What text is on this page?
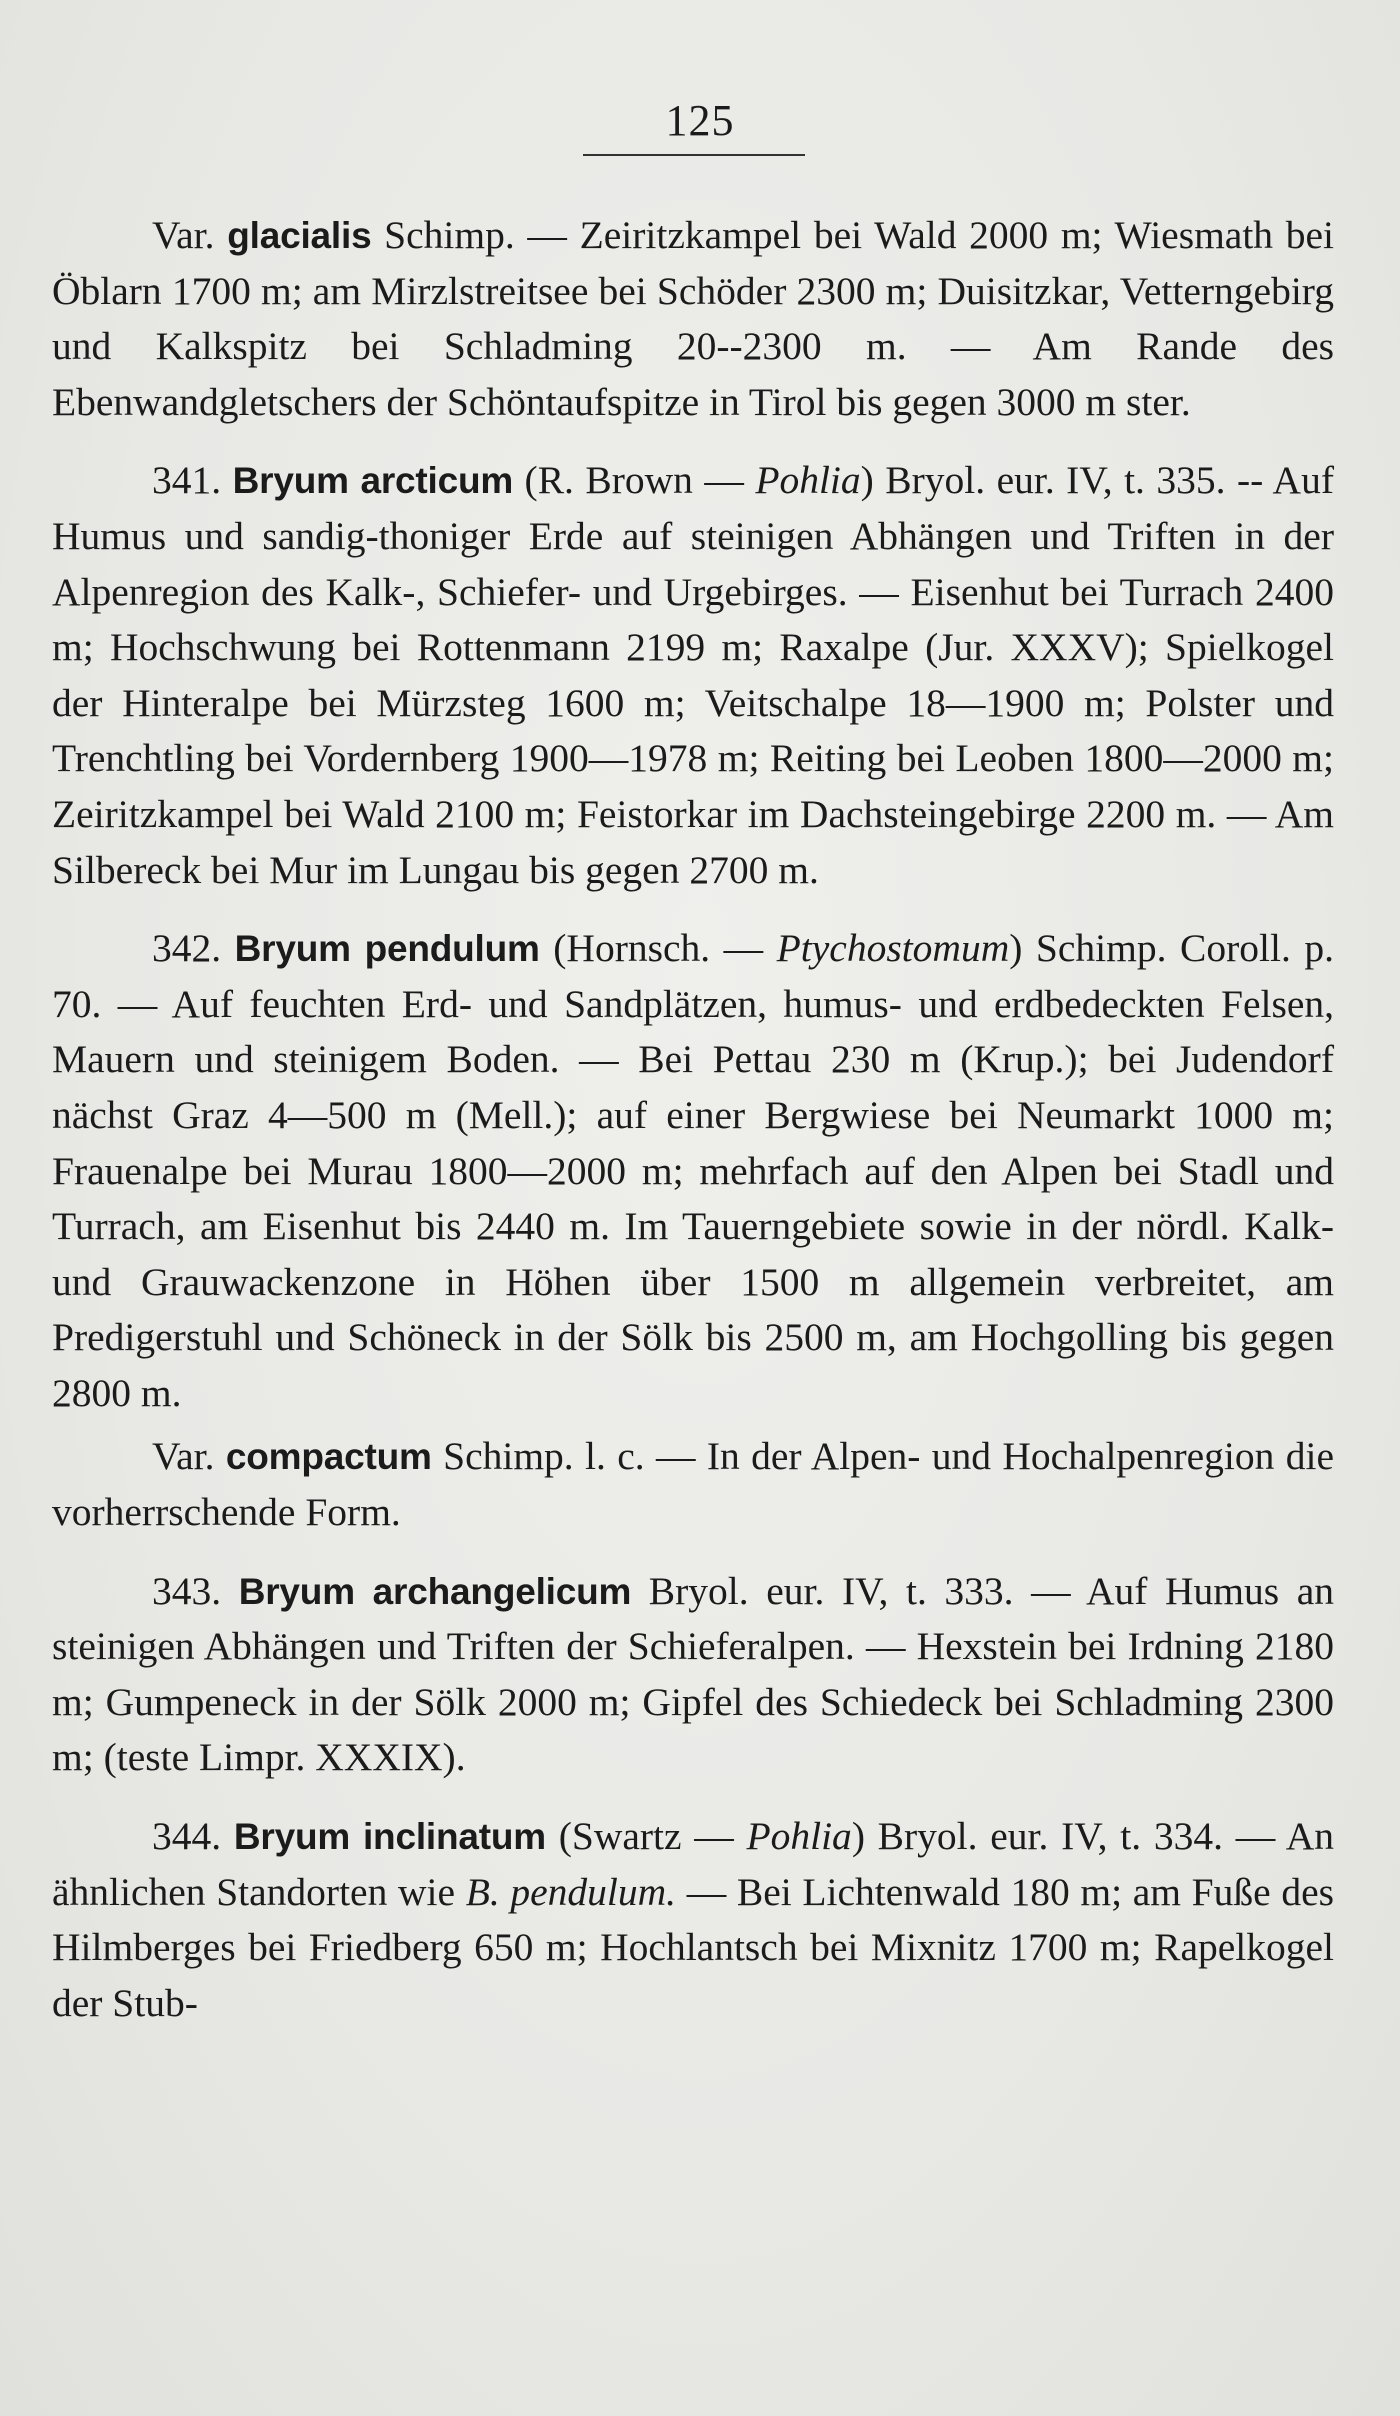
125

Var. glacialis Schimp. — Zeiritzkampel bei Wald 2000 m; Wiesmath bei Öblarn 1700 m; am Mirzlstreitsee bei Schöder 2300 m; Duisitzkar, Vetterngebirg und Kalkspitz bei Schladming 20--2300 m. — Am Rande des Ebenwandgletschers der Schöntaufspitze in Tirol bis gegen 3000 m ster.

341. Bryum arcticum (R. Brown — Pohlia) Bryol. eur. IV, t. 335. -- Auf Humus und sandig-thoniger Erde auf steinigen Abhängen und Triften in der Alpenregion des Kalk-, Schiefer- und Urgebirges. — Eisenhut bei Turrach 2400 m; Hochschwung bei Rottenmann 2199 m; Raxalpe (Jur. XXXV); Spielkogel der Hinteralpe bei Mürzsteg 1600 m; Veitschalpe 18—1900 m; Polster und Trenchtling bei Vordernberg 1900—1978 m; Reiting bei Leoben 1800—2000 m; Zeiritzkampel bei Wald 2100 m; Feistorkar im Dachsteingebirge 2200 m. — Am Silbereck bei Mur im Lungau bis gegen 2700 m.

342. Bryum pendulum (Hornsch. — Ptychostomum) Schimp. Coroll. p. 70. — Auf feuchten Erd- und Sandplätzen, humus- und erdbedeckten Felsen, Mauern und steinigem Boden. — Bei Pettau 230 m (Krup.); bei Judendorf nächst Graz 4—500 m (Mell.); auf einer Bergwiese bei Neumarkt 1000 m; Frauenalpe bei Murau 1800—2000 m; mehrfach auf den Alpen bei Stadl und Turrach, am Eisenhut bis 2440 m. Im Tauerngebiete sowie in der nördl. Kalk- und Grauwackenzone in Höhen über 1500 m allgemein verbreitet, am Predigerstuhl und Schöneck in der Sölk bis 2500 m, am Hochgolling bis gegen 2800 m.

Var. compactum Schimp. l. c. — In der Alpen- und Hochalpenregion die vorherrschende Form.

343. Bryum archangelicum Bryol. eur. IV, t. 333. — Auf Humus an steinigen Abhängen und Triften der Schieferalpen. — Hexstein bei Irdning 2180 m; Gumpeneck in der Sölk 2000 m; Gipfel des Schiedeck bei Schladming 2300 m; (teste Limpr. XXXIX).

344. Bryum inclinatum (Swartz — Pohlia) Bryol. eur. IV, t. 334. — An ähnlichen Standorten wie B. pendulum. — Bei Lichtenwald 180 m; am Fuße des Hilmberges bei Friedberg 650 m; Hochlantsch bei Mixnitz 1700 m; Rapelkogel der Stub-
